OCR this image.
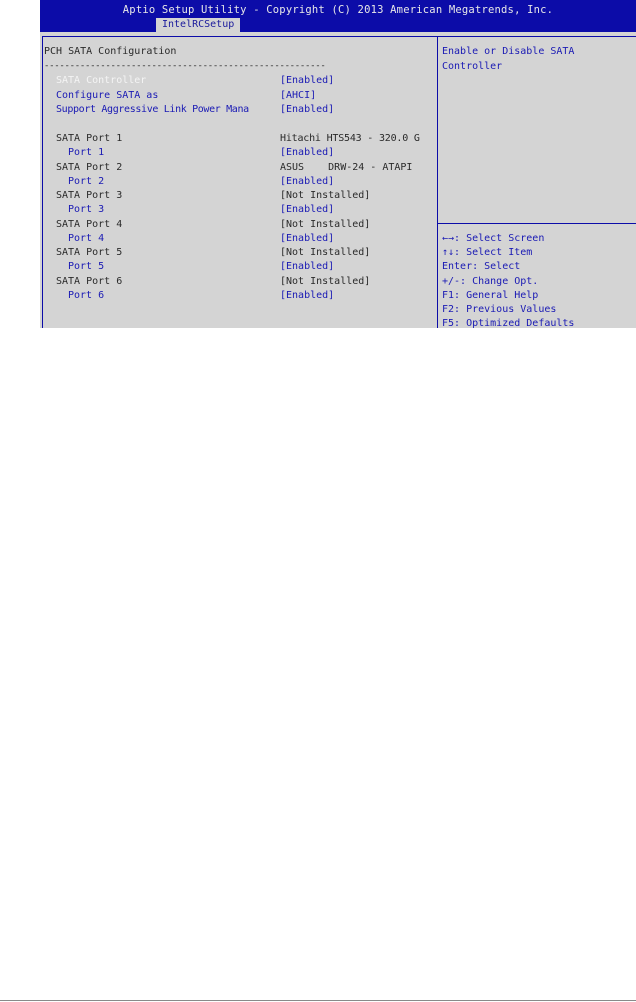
Aptio Setup Utility - Copyright (C) 2013 American Megatrends, Inc.
IntelRCSetup
PCH SATA Configuration
-------------------------------------------------------
SATA Controller	[Enabled]
Configure SATA as	[AHCI]
Support Aggressive Link Power Mana	[Enabled]
SATA Port 1	Hitachi HTS543 - 320.0 G
Port 1	[Enabled]
SATA Port 2	ASUS    DRW-24 - ATAPI
Port 2	[Enabled]
SATA Port 3	[Not Installed]
Port 3	[Enabled]
SATA Port 4	[Not Installed]
Port 4	[Enabled]
SATA Port 5	[Not Installed]
Port 5	[Enabled]
SATA Port 6	[Not Installed]
Port 6	[Enabled]
Enable or Disable SATA
Controller
←→: Select Screen
↑↓: Select Item
Enter: Select
+/-: Change Opt.
F1: General Help
F2: Previous Values
F5: Optimized Defaults
